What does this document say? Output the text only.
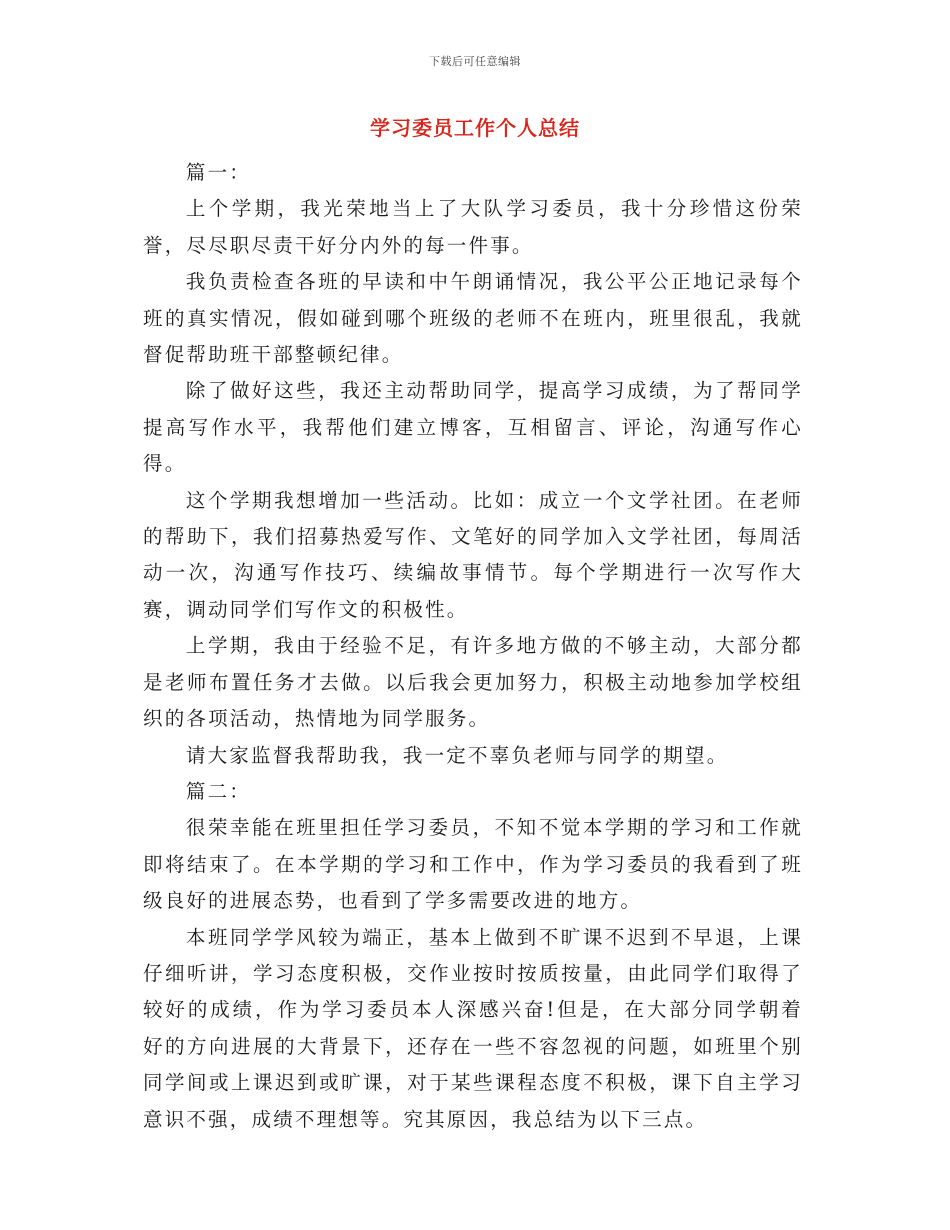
下载后可任意编辑
学习委员工作个人总结

篇一：

上个学期，我光荣地当上了大队学习委员，我十分珍惜这份荣誉，尽尽职尽责干好分内外的每一件事。

我负责检查各班的早读和中午朗诵情况，我公平公正地记录每个班的真实情况，假如碰到哪个班级的老师不在班内，班里很乱，我就督促帮助班干部整顿纪律。

除了做好这些，我还主动帮助同学，提高学习成绩，为了帮同学提高写作水平，我帮他们建立博客，互相留言、评论，沟通写作心得。

这个学期我想增加一些活动。比如：成立一个文学社团。在老师的帮助下，我们招募热爱写作、文笔好的同学加入文学社团，每周活动一次，沟通写作技巧、续编故事情节。每个学期进行一次写作大赛，调动同学们写作文的积极性。

上学期，我由于经验不足，有许多地方做的不够主动，大部分都是老师布置任务才去做。以后我会更加努力，积极主动地参加学校组织的各项活动，热情地为同学服务。

请大家监督我帮助我，我一定不辜负老师与同学的期望。

篇二：

很荣幸能在班里担任学习委员，不知不觉本学期的学习和工作就即将结束了。在本学期的学习和工作中，作为学习委员的我看到了班级良好的进展态势，也看到了学多需要改进的地方。

本班同学学风较为端正，基本上做到不旷课不迟到不早退，上课仔细听讲，学习态度积极，交作业按时按质按量，由此同学们取得了较好的成绩，作为学习委员本人深感兴奋!但是，在大部分同学朝着好的方向进展的大背景下，还存在一些不容忽视的问题，如班里个别同学间或上课迟到或旷课，对于某些课程态度不积极，课下自主学习意识不强，成绩不理想等。究其原因，我总结为以下三点。
